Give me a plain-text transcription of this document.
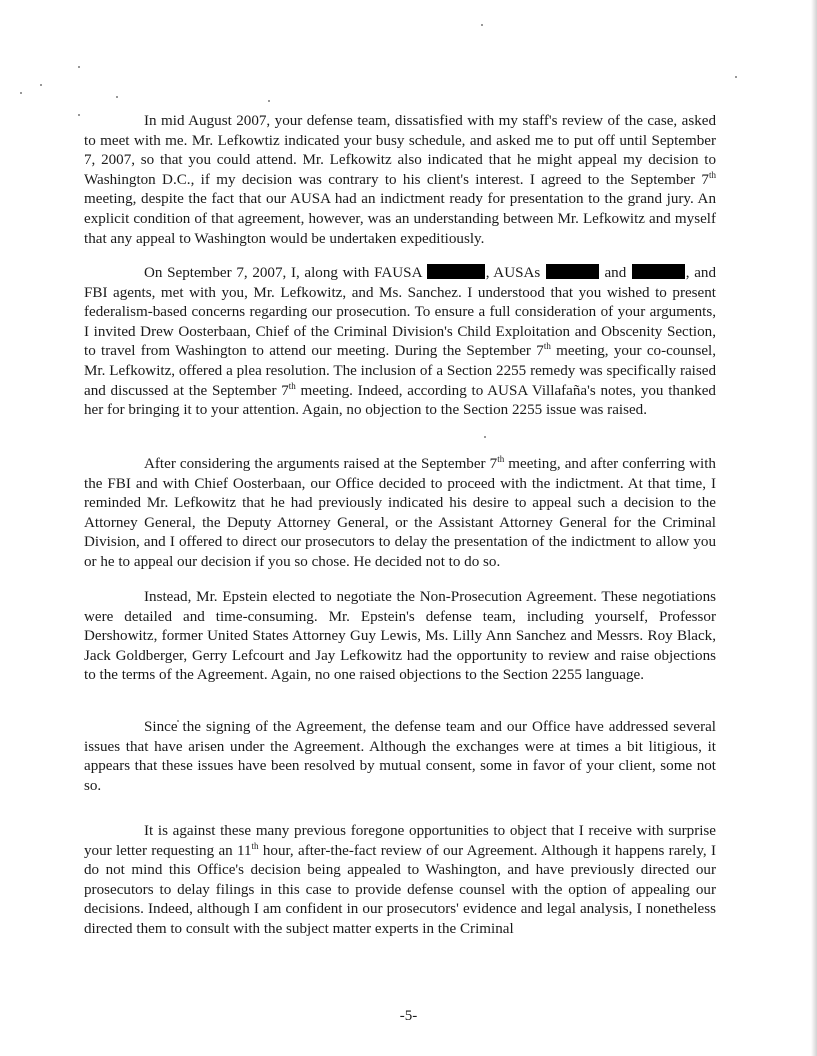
In mid August 2007, your defense team, dissatisfied with my staff's review of the case, asked to meet with me. Mr. Lefkowtiz indicated your busy schedule, and asked me to put off until September 7, 2007, so that you could attend. Mr. Lefkowitz also indicated that he might appeal my decision to Washington D.C., if my decision was contrary to his client's interest. I agreed to the September 7th meeting, despite the fact that our AUSA had an indictment ready for presentation to the grand jury. An explicit condition of that agreement, however, was an understanding between Mr. Lefkowitz and myself that any appeal to Washington would be undertaken expeditiously.

On September 7, 2007, I, along with FAUSA	, AUSAs	and	, and FBI agents, met with you, Mr. Lefkowitz, and Ms. Sanchez. I understood that you wished to present federalism-based concerns regarding our prosecution. To ensure a full consideration of your arguments, I invited Drew Oosterbaan, Chief of the Criminal Division's Child Exploitation and Obscenity Section, to travel from Washington to attend our meeting. During the September 7th meeting, your co-counsel, Mr. Lefkowitz, offered a plea resolution. The inclusion of a Section 2255 remedy was specifically raised and discussed at the September 7th meeting. Indeed, according to AUSA Villafaña's notes, you thanked her for bringing it to your attention. Again, no objection to the Section 2255 issue was raised.

After considering the arguments raised at the September 7th meeting, and after conferring with the FBI and with Chief Oosterbaan, our Office decided to proceed with the indictment. At that time, I reminded Mr. Lefkowitz that he had previously indicated his desire to appeal such a decision to the Attorney General, the Deputy Attorney General, or the Assistant Attorney General for the Criminal Division, and I offered to direct our prosecutors to delay the presentation of the indictment to allow you or he to appeal our decision if you so chose. He decided not to do so.

Instead, Mr. Epstein elected to negotiate the Non-Prosecution Agreement. These negotiations were detailed and time-consuming. Mr. Epstein's defense team, including yourself, Professor Dershowitz, former United States Attorney Guy Lewis, Ms. Lilly Ann Sanchez and Messrs. Roy Black, Jack Goldberger, Gerry Lefcourt and Jay Lefkowitz had the opportunity to review and raise objections to the terms of the Agreement. Again, no one raised objections to the Section 2255 language.

Since the signing of the Agreement, the defense team and our Office have addressed several issues that have arisen under the Agreement. Although the exchanges were at times a bit litigious, it appears that these issues have been resolved by mutual consent, some in favor of your client, some not so.

It is against these many previous foregone opportunities to object that I receive with surprise your letter requesting an 11th hour, after-the-fact review of our Agreement. Although it happens rarely, I do not mind this Office's decision being appealed to Washington, and have previously directed our prosecutors to delay filings in this case to provide defense counsel with the option of appealing our decisions. Indeed, although I am confident in our prosecutors' evidence and legal analysis, I nonetheless directed them to consult with the subject matter experts in the Criminal

-5-
